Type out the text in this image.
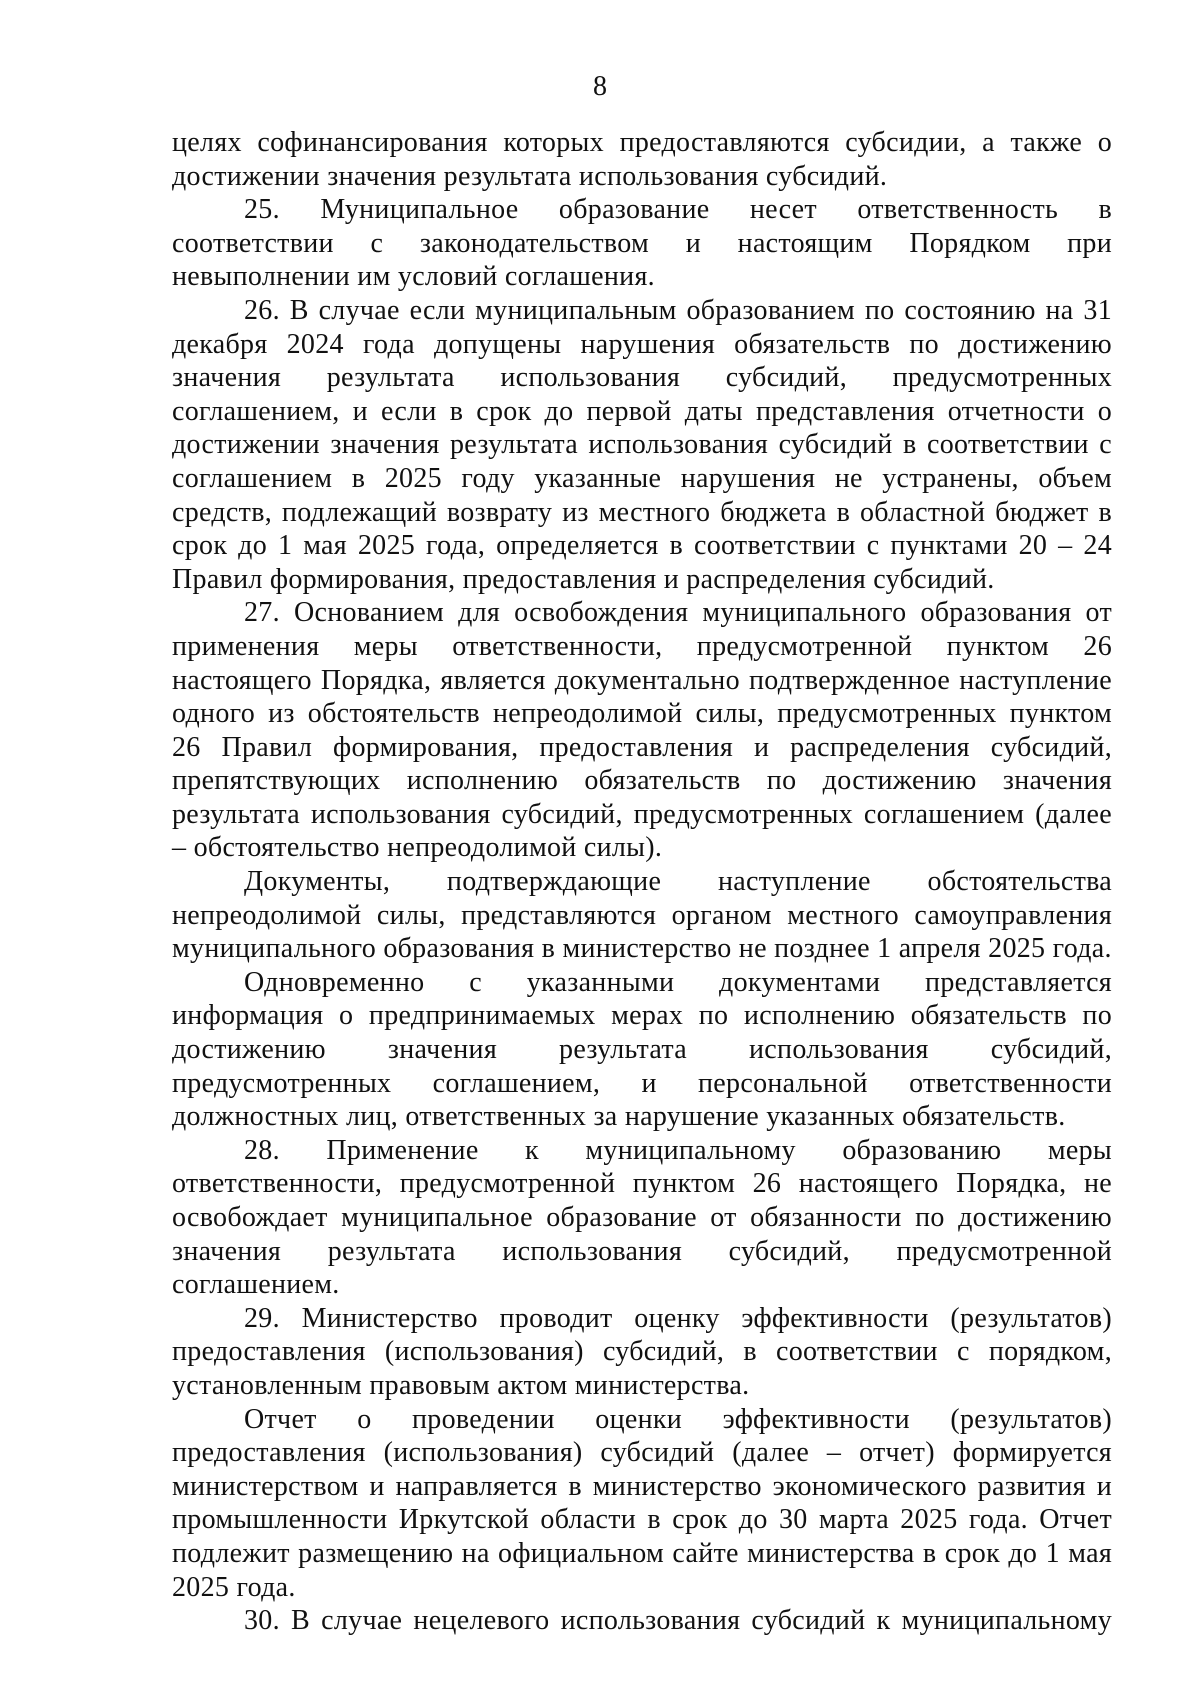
8

целях софинансирования которых предоставляются субсидии, а также о достижении значения результата использования субсидий.

25. Муниципальное образование несет ответственность в соответствии с законодательством и настоящим Порядком при невыполнении им условий соглашения.

26. В случае если муниципальным образованием по состоянию на 31 декабря 2024 года допущены нарушения обязательств по достижению значения результата использования субсидий, предусмотренных соглашением, и если в срок до первой даты представления отчетности о достижении значения результата использования субсидий в соответствии с соглашением в 2025 году указанные нарушения не устранены, объем средств, подлежащий возврату из местного бюджета в областной бюджет в срок до 1 мая 2025 года, определяется в соответствии с пунктами 20 – 24 Правил формирования, предоставления и распределения субсидий.

27. Основанием для освобождения муниципального образования от применения меры ответственности, предусмотренной пунктом 26 настоящего Порядка, является документально подтвержденное наступление одного из обстоятельств непреодолимой силы, предусмотренных пунктом 26 Правил формирования, предоставления и распределения субсидий, препятствующих исполнению обязательств по достижению значения результата использования субсидий, предусмотренных соглашением (далее – обстоятельство непреодолимой силы).

Документы, подтверждающие наступление обстоятельства непреодолимой силы, представляются органом местного самоуправления муниципального образования в министерство не позднее 1 апреля 2025 года.

Одновременно с указанными документами представляется информация о предпринимаемых мерах по исполнению обязательств по достижению значения результата использования субсидий, предусмотренных соглашением, и персональной ответственности должностных лиц, ответственных за нарушение указанных обязательств.

28. Применение к муниципальному образованию меры ответственности, предусмотренной пунктом 26 настоящего Порядка, не освобождает муниципальное образование от обязанности по достижению значения результата использования субсидий, предусмотренной соглашением.

29. Министерство проводит оценку эффективности (результатов) предоставления (использования) субсидий, в соответствии с порядком, установленным правовым актом министерства.

Отчет о проведении оценки эффективности (результатов) предоставления (использования) субсидий (далее – отчет) формируется министерством и направляется в министерство экономического развития и промышленности Иркутской области в срок до 30 марта 2025 года. Отчет подлежит размещению на официальном сайте министерства в срок до 1 мая 2025 года.

30. В случае нецелевого использования субсидий к муниципальному
